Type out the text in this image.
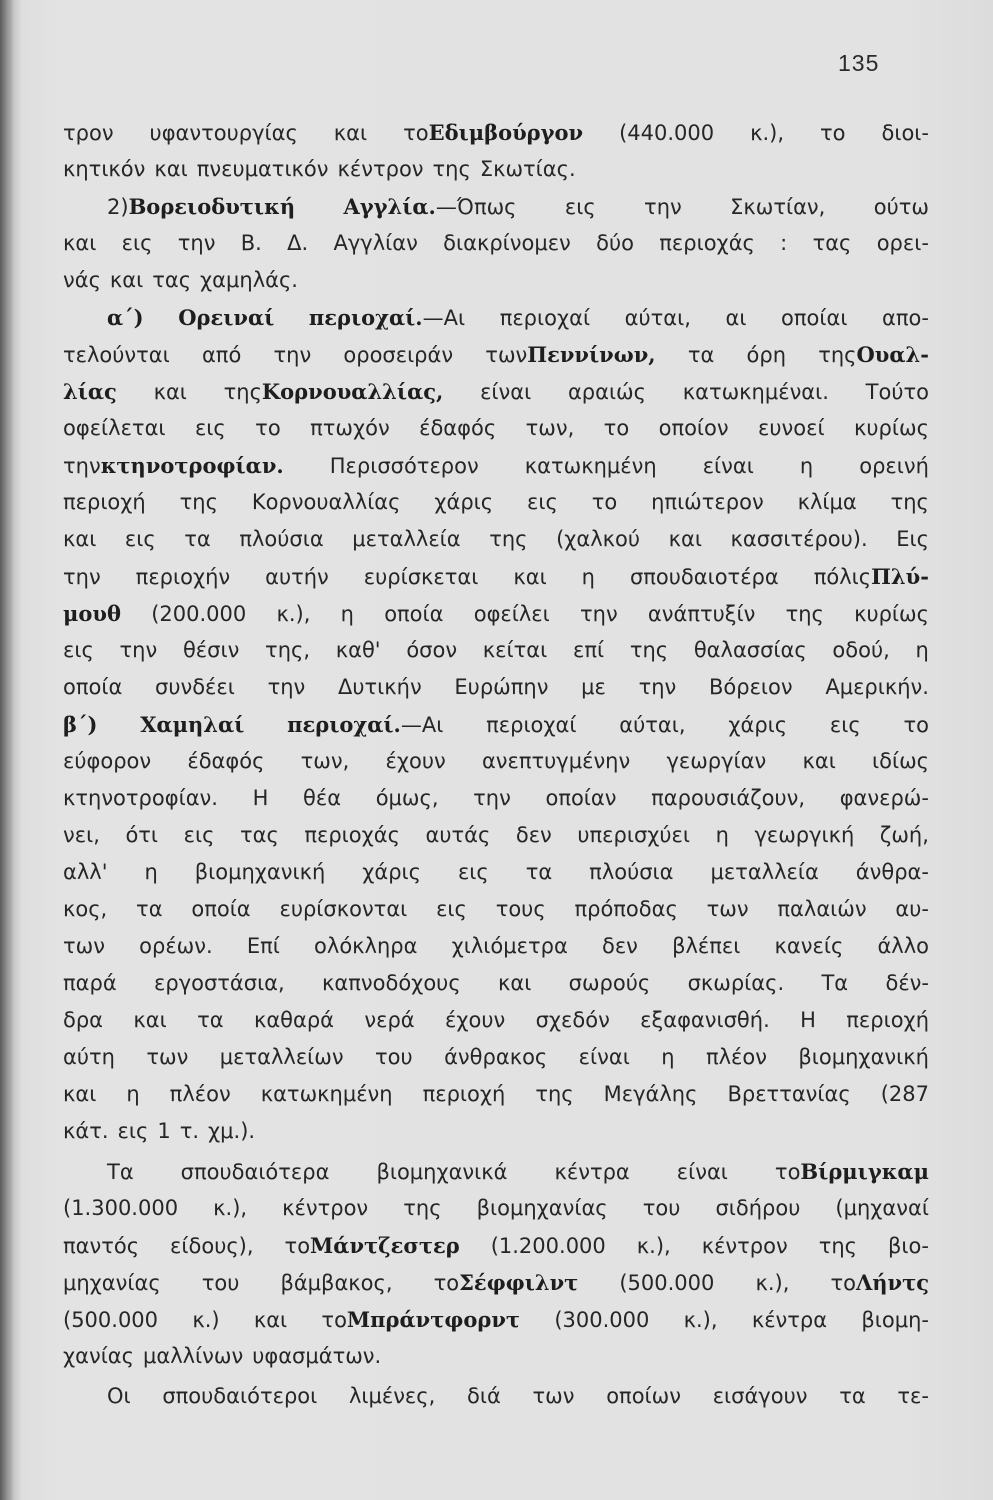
135
τρον υφαντουργίας και τοΕδιμβούργον (440.000 κ.), το διοι-
κητικόν και πνευματικόν κέντρον της Σκωτίας.
2)Βορειοδυτική Αγγλία.—Όπως εις την Σκωτίαν, ούτω
και εις την Β. Δ. Αγγλίαν διακρίνομεν δύο περιοχάς : τας ορει-
νάς και τας χαμηλάς.
α΄) Ορειναί περιοχαί.—Αι περιοχαί αύται, αι οποίαι απο-
τελούνται από την οροσειράν τωνΠεννίνων, τα όρη τηςΟυαλ-
λίας και τηςΚορνουαλλίας, είναι αραιώς κατωκημέναι. Τούτο
οφείλεται εις το πτωχόν έδαφός των, το οποίον ευνοεί κυρίως
τηνκτηνοτροφίαν. Περισσότερον κατωκημένη είναι η ορεινή
περιοχή της Κορνουαλλίας χάρις εις το ηπιώτερον κλίμα της
και εις τα πλούσια μεταλλεία της (χαλκού και κασσιτέρου). Εις
την περιοχήν αυτήν ευρίσκεται και η σπουδαιοτέρα πόλιςΠλύ-
μουθ (200.000 κ.), η οποία οφείλει την ανάπτυξίν της κυρίως
εις την θέσιν της, καθ' όσον κείται επί της θαλασσίας οδού, η
οποία συνδέει την Δυτικήν Ευρώπην με την Βόρειον Αμερικήν.
β΄) Χαμηλαί περιοχαί.—Αι περιοχαί αύται, χάρις εις το
εύφορον έδαφός των, έχουν ανεπτυγμένην γεωργίαν και ιδίως
κτηνοτροφίαν. Η θέα όμως, την οποίαν παρουσιάζουν, φανερώ-
νει, ότι εις τας περιοχάς αυτάς δεν υπερισχύει η γεωργική ζωή,
αλλ' η βιομηχανική χάρις εις τα πλούσια μεταλλεία άνθρα-
κος, τα οποία ευρίσκονται εις τους πρόποδας των παλαιών αυ-
των ορέων. Επί ολόκληρα χιλιόμετρα δεν βλέπει κανείς άλλο
παρά εργοστάσια, καπνοδόχους και σωρούς σκωρίας. Τα δέν-
δρα και τα καθαρά νερά έχουν σχεδόν εξαφανισθή. Η περιοχή
αύτη των μεταλλείων του άνθρακος είναι η πλέον βιομηχανική
και η πλέον κατωκημένη περιοχή της Μεγάλης Βρεττανίας (287
κάτ. εις 1 τ. χμ.).
Τα σπουδαιότερα βιομηχανικά κέντρα είναι τοΒίρμιγκαμ
(1.300.000 κ.), κέντρον της βιομηχανίας του σιδήρου (μηχαναί
παντός είδους), τοΜάντζεστερ (1.200.000 κ.), κέντρον της βιο-
μηχανίας του βάμβακος, τοΣέφφιλντ (500.000 κ.), τοΛήντς
(500.000 κ.) και τοΜπράντφορντ (300.000 κ.), κέντρα βιομη-
χανίας μαλλίνων υφασμάτων.
Οι σπουδαιότεροι λιμένες, διά των οποίων εισάγουν τα τε-
